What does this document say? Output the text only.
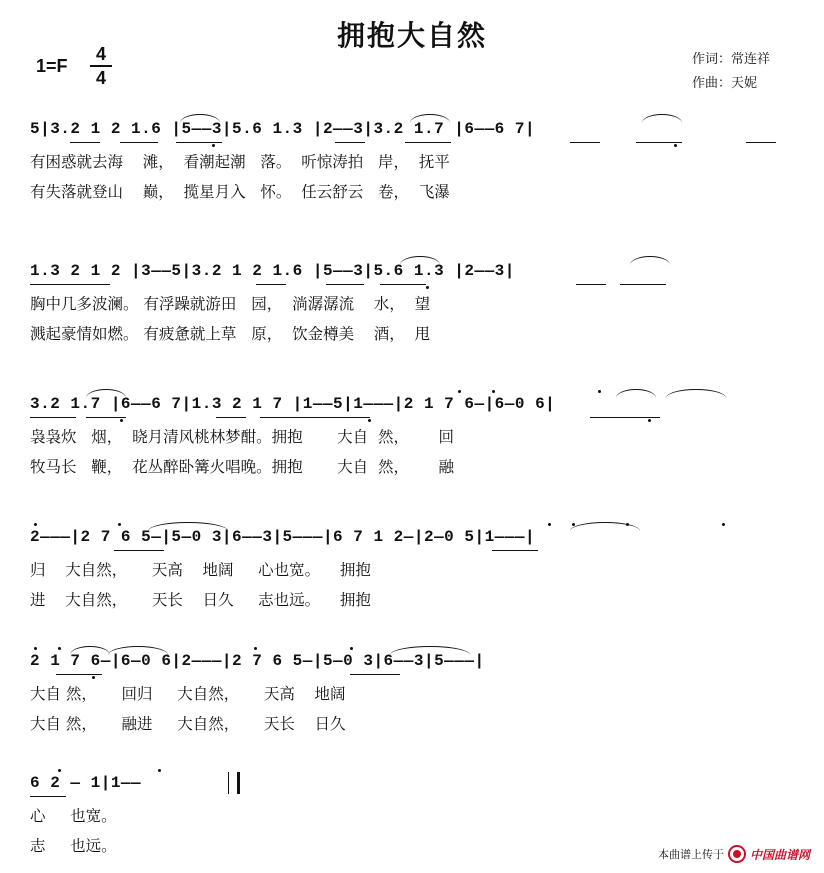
拥抱大自然
1=F
4
4
作词：常连祥
作曲：天妮
5|3.2 1 2 1.6 |5——3|5.6 1.3 |2——3|3.2 1.7 |6——6 7|
有困惑就去海    滩，  看潮起潮   落。  听惊涛拍   岸，  抚平
有失落就登山    巅，  揽星月入   怀。  任云舒云   卷，  飞瀑
1.3 2 1 2 |3——5|3.2 1 2 1.6 |5——3|5.6 1.3 |2——3|
胸中几多波澜。 有浮躁就游田   园，  淌潺潺流    水，  望
溅起豪情如燃。 有疲惫就上草   原，  饮金樽美    酒，  甩
3.2 1.7 |6——6 7|1.3 2 1 7 |1——5|1———|2 1 7 6—|6—0 6|
袅袅炊   烟，  晓月清风桃林梦酣。拥抱       大自  然，      回
牧马长   鞭，  花丛醉卧篝火唱晚。拥抱       大自  然，      融
2———|2 7 6 5—|5—0 3|6——3|5———|6 7 1 2—|2—0 5|1———|
归    大自然，     天高    地阔     心也宽。    拥抱
进    大自然，     天长    日久     志也远。    拥抱
2 1 7 6—|6—0 6|2———|2 7 6 5—|5—0 3|6——3|5———|
大自 然，     回归     大自然，     天高    地阔
大自 然，     融进     大自然，     天长    日久
6 2 — 1|1——
心     也宽。
志     也远。	本曲谱上传于 中国曲谱网
